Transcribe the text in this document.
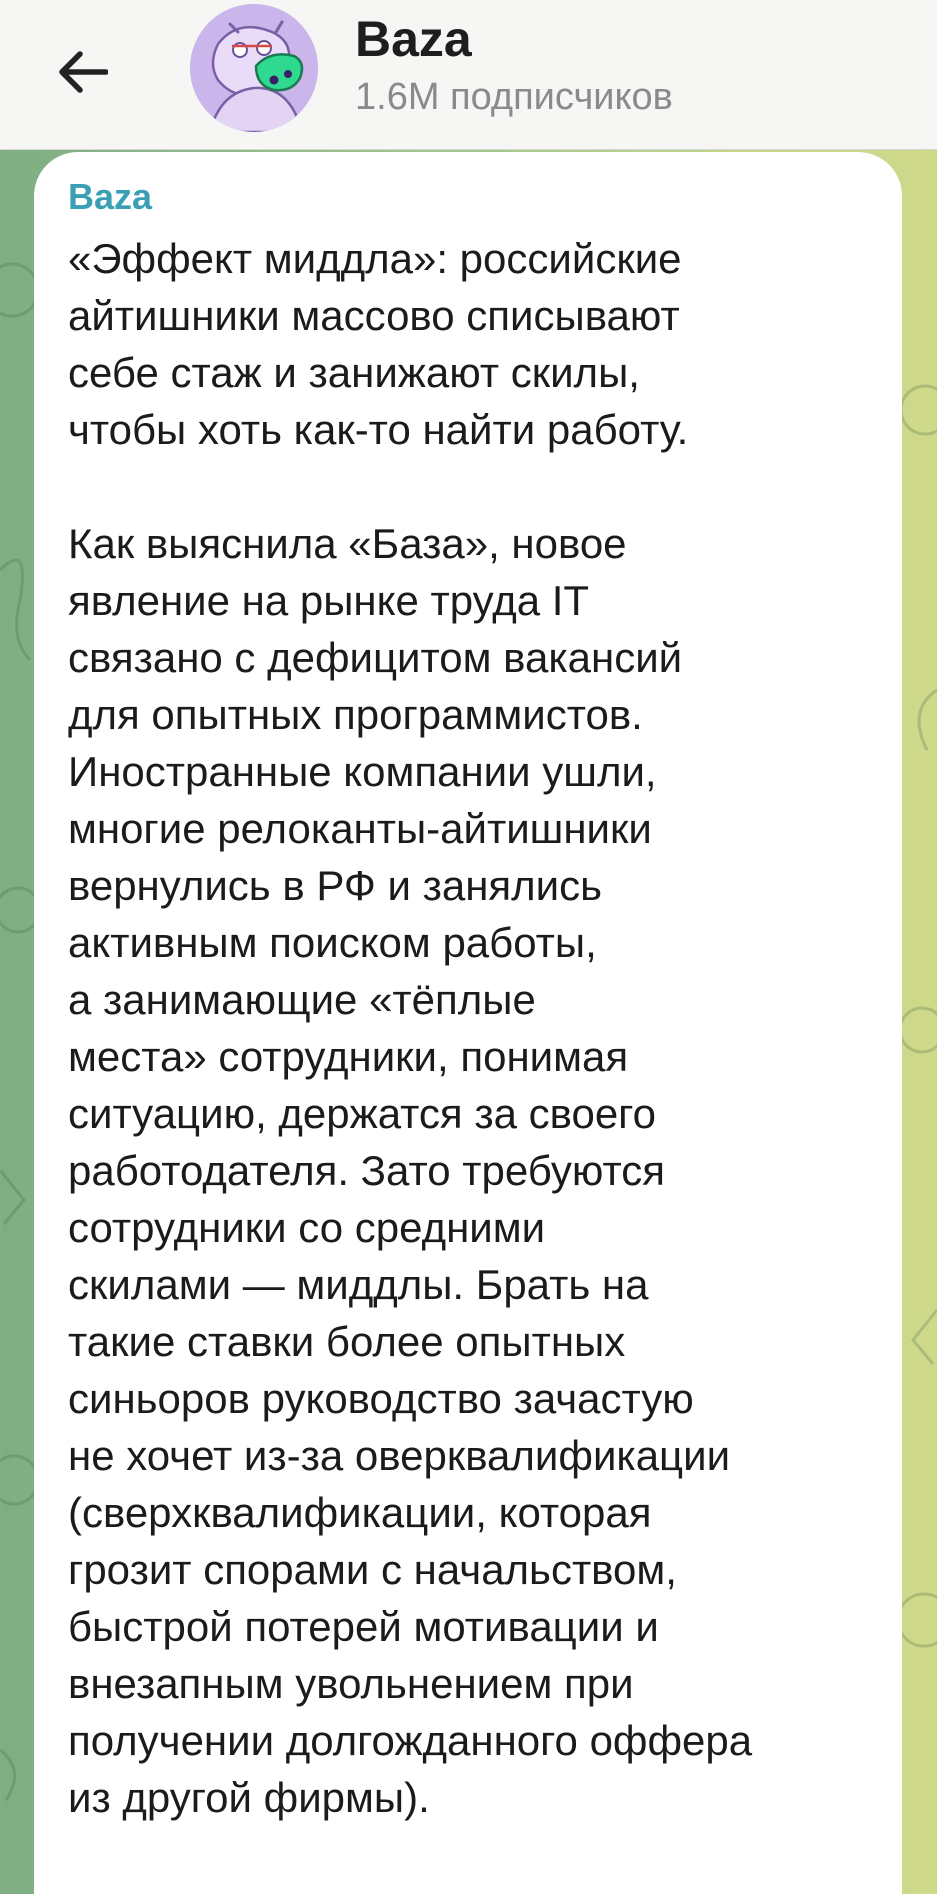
Baza
1.6M подписчиков
Baza

«Эффект миддла»: российские
айтишники массово списывают
себе стаж и занижают скилы,
чтобы хоть как-то найти работу.

Как выяснила «База», новое
явление на рынке труда IT
связано с дефицитом вакансий
для опытных программистов.
Иностранные компании ушли,
многие релоканты-айтишники
вернулись в РФ и занялись
активным поиском работы,
а занимающие «тёплые
места» сотрудники, понимая
ситуацию, держатся за своего
работодателя. Зато требуются
сотрудники со средними
скилами — миддлы. Брать на
такие ставки более опытных
синьоров руководство зачастую
не хочет из-за оверквалификации
(сверхквалификации, которая
грозит спорами с начальством,
быстрой потерей мотивации и
внезапным увольнением при
получении долгожданного оффера
из другой фирмы).
